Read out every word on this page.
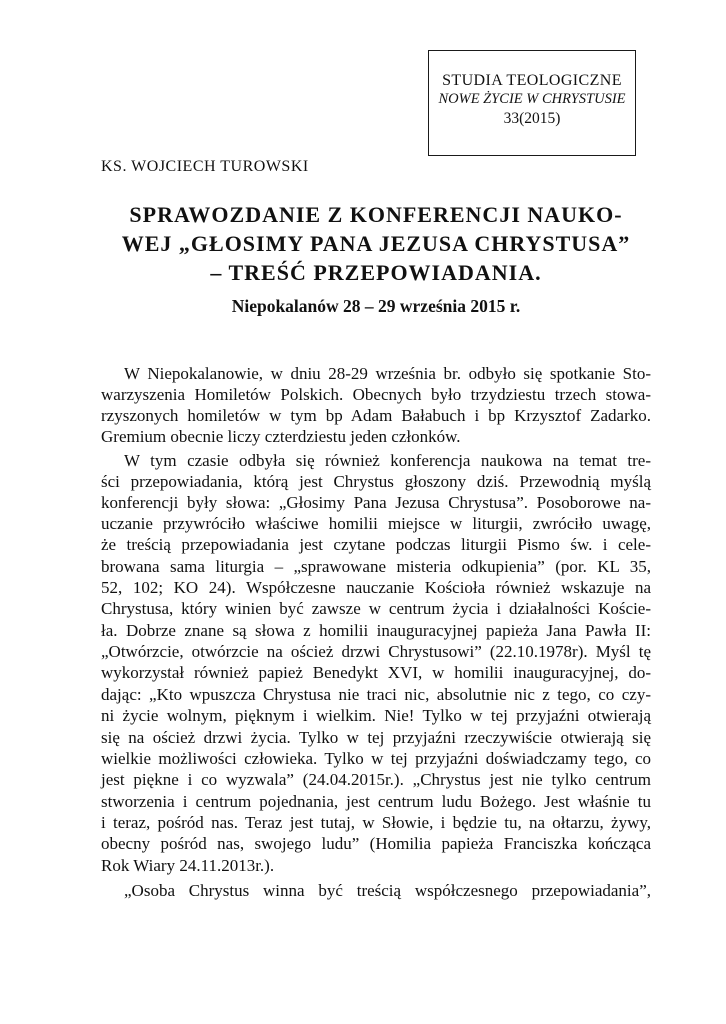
STUDIA TEOLOGICZNE
NOWE ŻYCIE W CHRYSTUSIE
33(2015)
KS. WOJCIECH TUROWSKI
SPRAWOZDANIE Z KONFERENCJI NAUKO-
WEJ „GŁOSIMY PANA JEZUSA CHRYSTUSA”
– TREŚĆ PRZEPOWIADANIA.
Niepokalanów 28 – 29 września 2015 r.
W Niepokalanowie, w dniu 28-29 września br. odbyło się spotkanie Sto-
warzyszenia Homiletów Polskich. Obecnych było trzydziestu trzech stowa-
rzyszonych homiletów w tym bp Adam Bałabuch i bp Krzysztof Zadarko.
Gremium obecnie liczy czterdziestu jeden członków.
W tym czasie odbyła się również konferencja naukowa na temat tre-
ści przepowiadania, którą jest Chrystus głoszony dziś. Przewodnią myślą
konferencji były słowa: „Głosimy Pana Jezusa Chrystusa”. Posoborowe na-
uczanie przywróciło właściwe homilii miejsce w liturgii, zwróciło uwagę,
że treścią przepowiadania jest czytane podczas liturgii Pismo św. i cele-
browana sama liturgia – „sprawowane misteria odkupienia” (por. KL 35,
52, 102; KO 24). Współczesne nauczanie Kościoła również wskazuje na
Chrystusa, który winien być zawsze w centrum życia i działalności Koście-
ła. Dobrze znane są słowa z homilii inauguracyjnej papieża Jana Pawła II:
„Otwórzcie, otwórzcie na oścież drzwi Chrystusowi” (22.10.1978r). Myśl tę
wykorzystał również papież Benedykt XVI, w homilii inauguracyjnej, do-
dając: „Kto wpuszcza Chrystusa nie traci nic, absolutnie nic z tego, co czy-
ni życie wolnym, pięknym i wielkim. Nie! Tylko w tej przyjaźni otwierają
się na oścież drzwi życia. Tylko w tej przyjaźni rzeczywiście otwierają się
wielkie możliwości człowieka. Tylko w tej przyjaźni doświadczamy tego, co
jest piękne i co wyzwala” (24.04.2015r.). „Chrystus jest nie tylko centrum
stworzenia i centrum pojednania, jest centrum ludu Bożego. Jest właśnie tu
i teraz, pośród nas. Teraz jest tutaj, w Słowie, i będzie tu, na ołtarzu, żywy,
obecny pośród nas, swojego ludu” (Homilia papieża Franciszka kończąca
Rok Wiary 24.11.2013r.).
„Osoba Chrystus winna być treścią współczesnego przepowiadania”,
